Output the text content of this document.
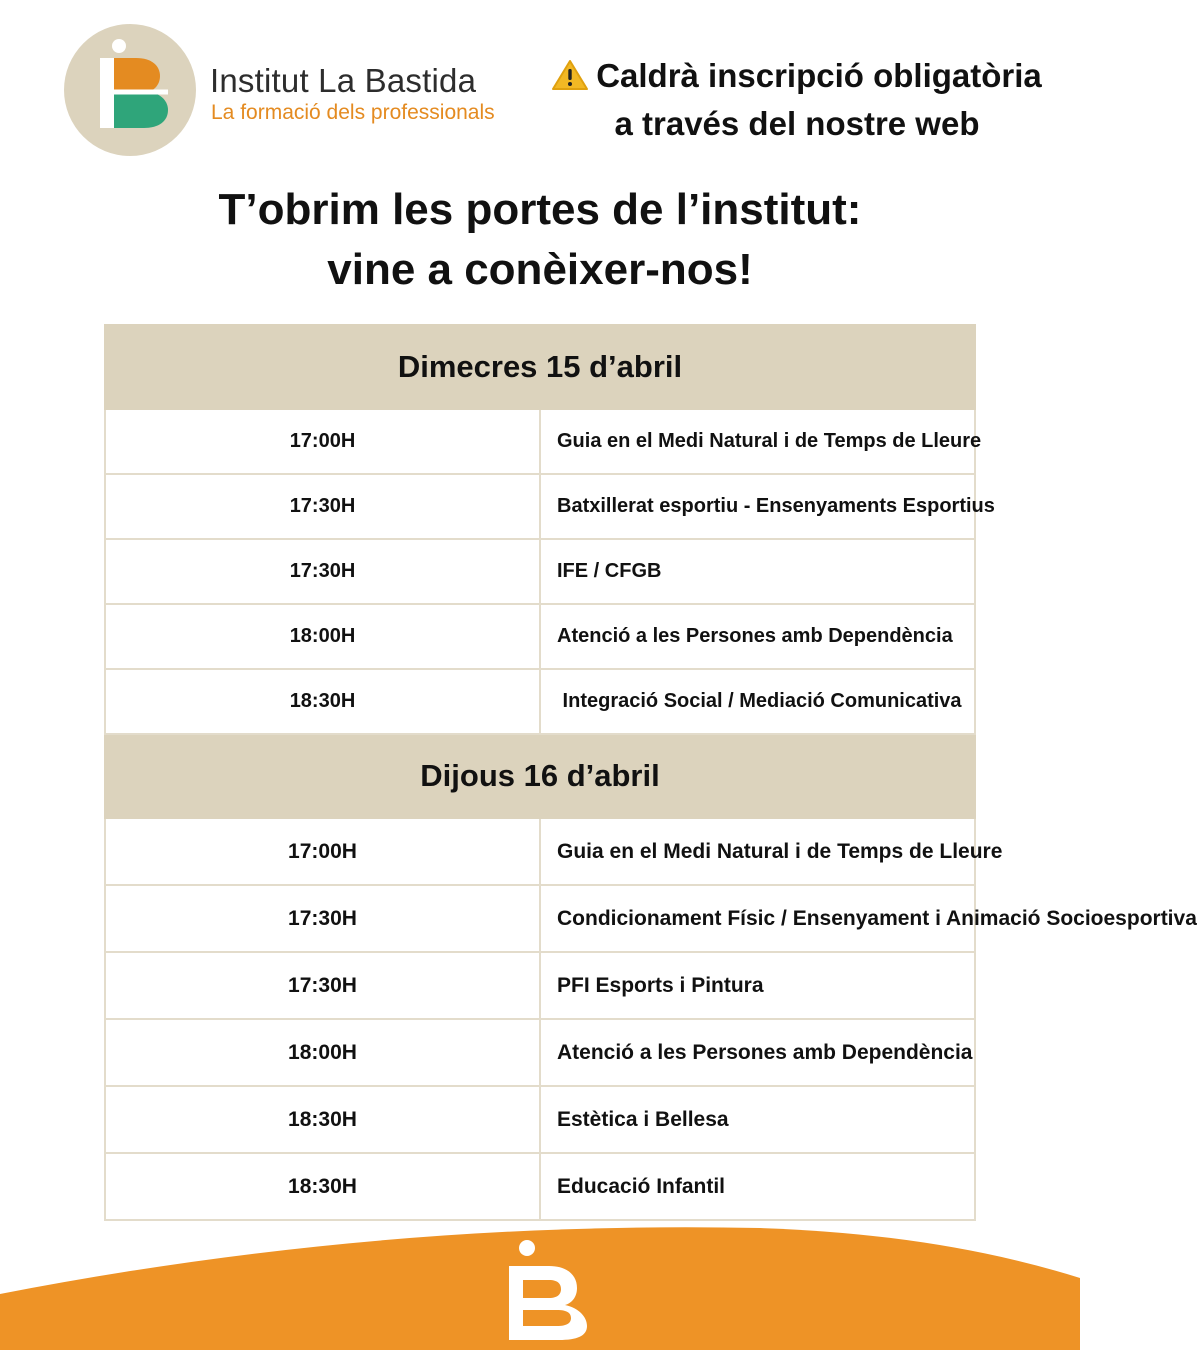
Institut La Bastida
La formació dels professionals
Caldrà inscripció obligatòria
a través del nostre web
T’obrim les portes de l’institut:
vine a conèixer-nos!
Dimecres 15 d’abril	
17:00H	Guia en el Medi Natural i de Temps de Lleure
17:30H	Batxillerat esportiu - Ensenyaments Esportius
17:30H	IFE / CFGB
18:00H	Atenció a les Persones amb Dependència
18:30H	Integració Social / Mediació Comunicativa
Dijous 16 d’abril	
17:00H	Guia en el Medi Natural i de Temps de Lleure
17:30H	Condicionament Físic / Ensenyament i Animació Socioesportiva
17:30H	PFI Esports i Pintura
18:00H	Atenció a les Persones amb Dependència
18:30H	Estètica i Bellesa
18:30H	Educació Infantil
